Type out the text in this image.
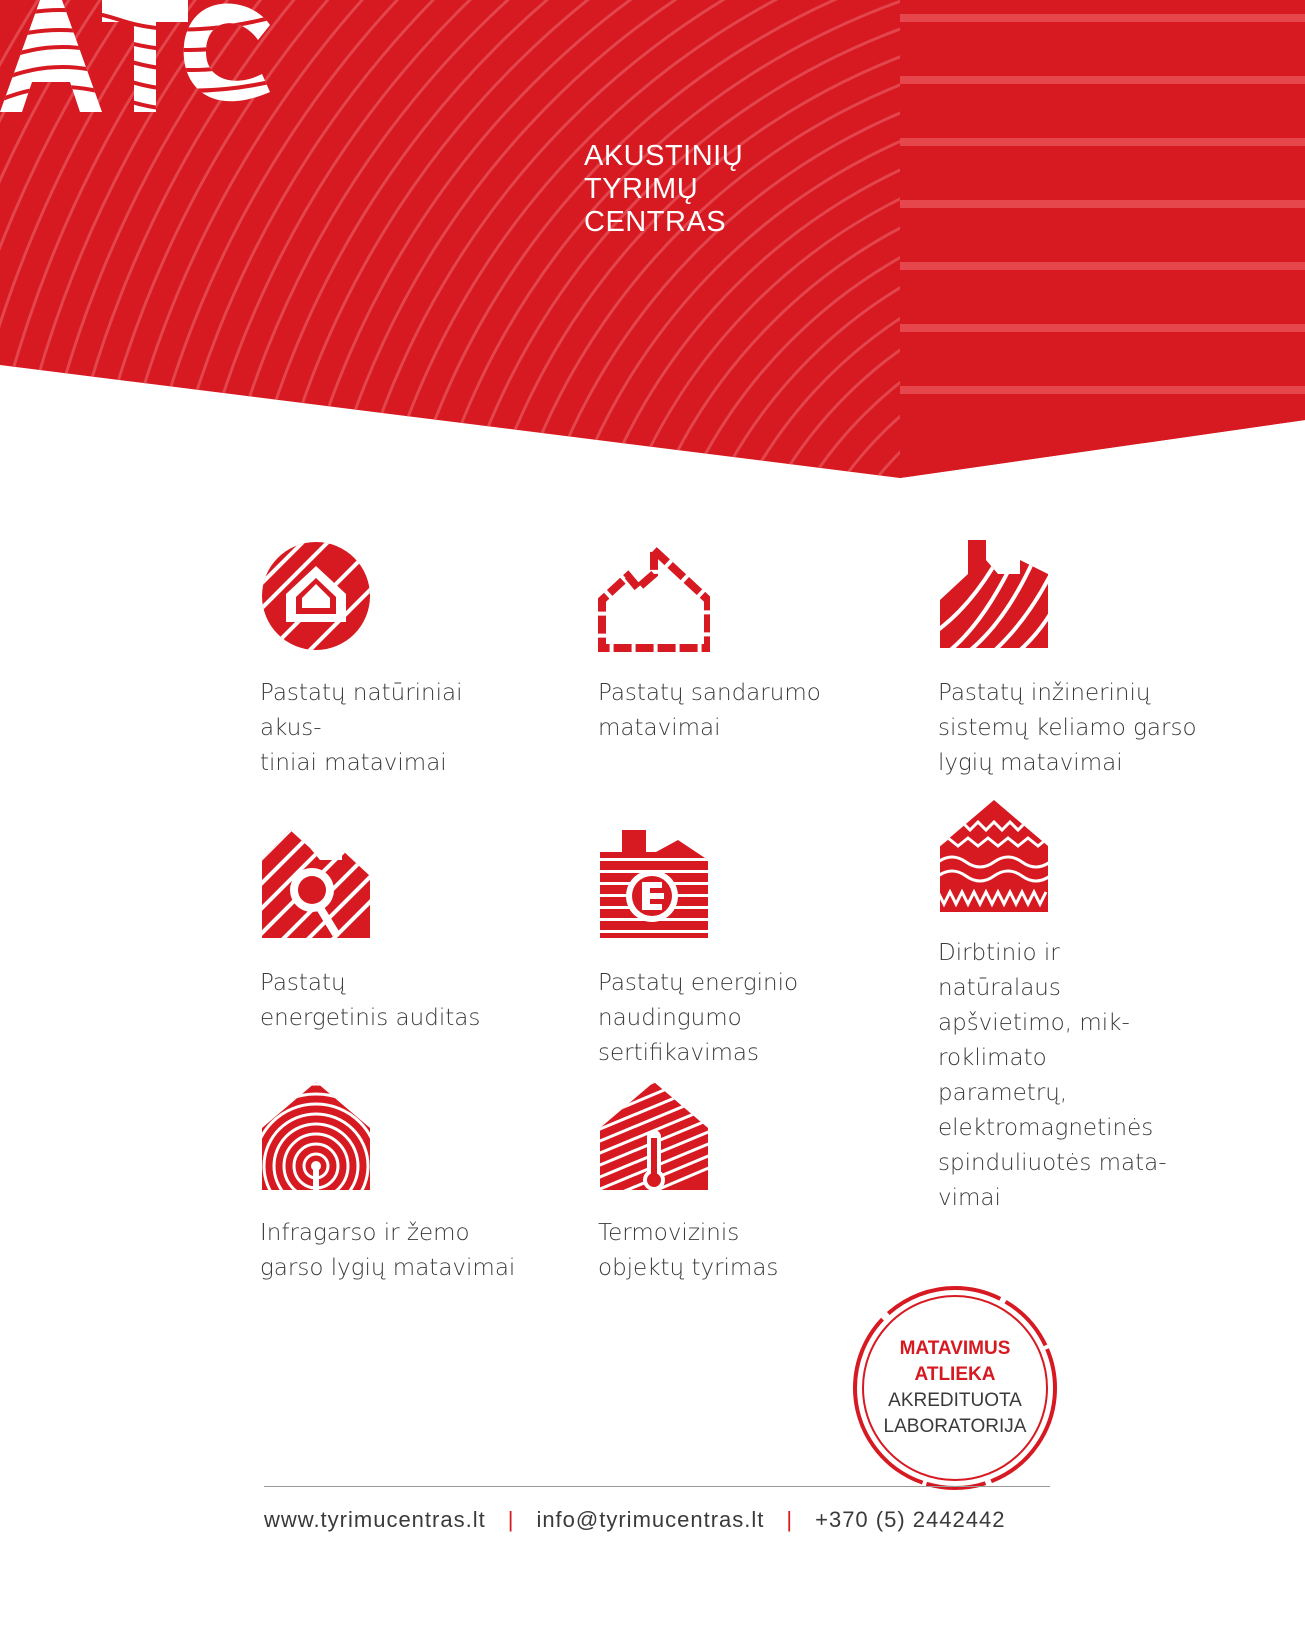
AKUSTINIŲ
TYRIMŲ
CENTRAS
Pastatų natūriniai akus-
tiniai matavimai
Pastatų sandarumo
matavimai
Pastatų inžinerinių
sistemų keliamo garso
lygių matavimai
Pastatų
energetinis auditas
Pastatų energinio
naudingumo
sertifikavimas
Dirbtinio ir
natūralaus
apšvietimo, mik-
roklimato
parametrų,
elektromagnetinės
spinduliuotės mata-
vimai
Infragarso ir žemo
garso lygių matavimai
Termovizinis
objektų tyrimas
MATAVIMUS
ATLIEKA
AKREDITUOTA
LABORATORIJA
www.tyrimucentras.lt | info@tyrimucentras.lt | +370 (5) 2442442
